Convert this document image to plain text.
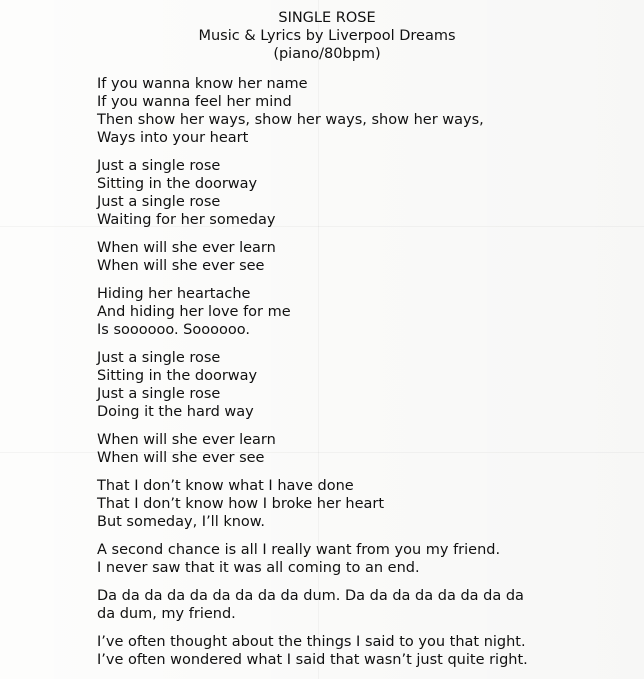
SINGLE ROSE
Music & Lyrics by Liverpool Dreams
(piano/80bpm)
If you wanna know her name
If you wanna feel her mind
Then show her ways, show her ways, show her ways,
Ways into your heart
Just a single rose
Sitting in the doorway
Just a single rose
Waiting for her someday
When will she ever learn
When will she ever see
Hiding her heartache
And hiding her love for me
Is soooooo. Soooooo.
Just a single rose
Sitting in the doorway
Just a single rose
Doing it the hard way
When will she ever learn
When will she ever see
That I don’t know what I have done
That I don’t know how I broke her heart
But someday, I’ll know.
A second chance is all I really want from you my friend.
I never saw that it was all coming to an end.
Da da da da da da da da da dum. Da da da da da da da da
da dum, my friend.
I’ve often thought about the things I said to you that night.
I’ve often wondered what I said that wasn’t just quite right.
